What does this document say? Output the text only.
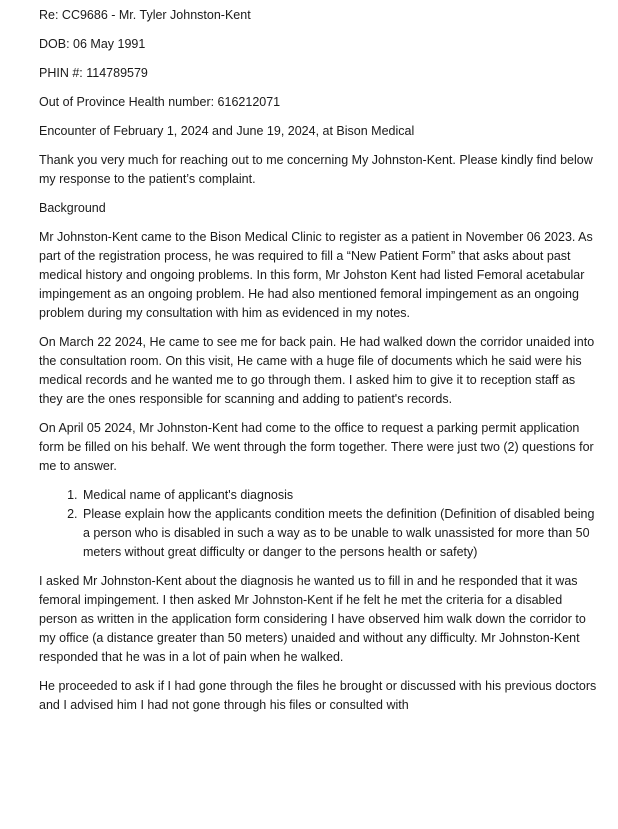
Re: CC9686 - Mr. Tyler Johnston-Kent

DOB: 06 May 1991

PHIN #: 114789579

Out of Province Health number: 616212071

Encounter of February 1, 2024 and June 19, 2024, at Bison Medical

Thank you very much for reaching out to me concerning My Johnston-Kent. Please kindly find below my response to the patient’s complaint.

Background

Mr Johnston-Kent came to the Bison Medical Clinic to register as a patient in November 06 2023. As part of the registration process, he was required to fill a “New Patient Form” that asks about past medical history and ongoing problems. In this form, Mr Johston Kent had listed Femoral acetabular impingement as an ongoing problem. He had also mentioned femoral impingement as an ongoing problem during my consultation with him as evidenced in my notes.

On March 22 2024, He came to see me for back pain. He had walked down the corridor unaided into the consultation room. On this visit, He came with a huge file of documents which he said were his medical records and he wanted me to go through them. I asked him to give it to reception staff as they are the ones responsible for scanning and adding to patient's records.

On April 05 2024, Mr Johnston-Kent had come to the office to request a parking permit application form be filled on his behalf. We went through the form together. There were just two (2) questions for me to answer.

1. Medical name of applicant's diagnosis
2. Please explain how the applicants condition meets the definition (Definition of disabled being a person who is disabled in such a way as to be unable to walk unassisted for more than 50 meters without great difficulty or danger to the persons health or safety)

I asked Mr Johnston-Kent about the diagnosis he wanted us to fill in and he responded that it was femoral impingement. I then asked Mr Johnston-Kent if he felt he met the criteria for a disabled person as written in the application form considering I have observed him walk down the corridor to my office (a distance greater than 50 meters) unaided and without any difficulty. Mr Johnston-Kent responded that he was in a lot of pain when he walked.

He proceeded to ask if I had gone through the files he brought or discussed with his previous doctors and I advised him I had not gone through his files or consulted with
